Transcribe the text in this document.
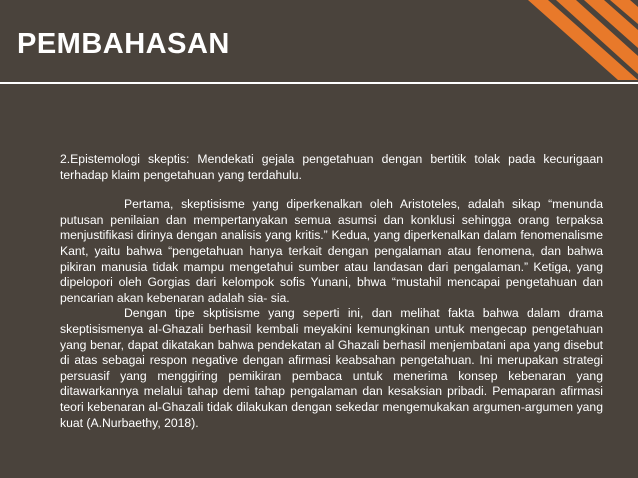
PEMBAHASAN

2.Epistemologi skeptis: Mendekati gejala pengetahuan dengan bertitik tolak pada kecurigaan terhadap klaim pengetahuan yang terdahulu.

Pertama, skeptisisme yang diperkenalkan oleh Aristoteles, adalah sikap “menunda putusan penilaian dan mempertanyakan semua asumsi dan konklusi sehingga orang terpaksa menjustifikasi dirinya dengan analisis yang kritis.” Kedua, yang diperkenalkan dalam fenomenalisme Kant, yaitu bahwa “pengetahuan hanya terkait dengan pengalaman atau fenomena, dan bahwa pikiran manusia tidak mampu mengetahui sumber atau landasan dari pengalaman.” Ketiga, yang dipelopori oleh Gorgias dari kelompok sofis Yunani, bhwa “mustahil mencapai pengetahuan dan pencarian akan kebenaran adalah sia- sia.

Dengan tipe skptisisme yang seperti ini, dan melihat fakta bahwa dalam drama skeptisismenya al-Ghazali berhasil kembali meyakini kemungkinan untuk mengecap pengetahuan yang benar, dapat dikatakan bahwa pendekatan al Ghazali berhasil menjembatani apa yang disebut di atas sebagai respon negative dengan afirmasi keabsahan pengetahuan. Ini merupakan strategi persuasif yang menggiring pemikiran pembaca untuk menerima konsep kebenaran yang ditawarkannya melalui tahap demi tahap pengalaman dan kesaksian pribadi. Pemaparan afirmasi teori kebenaran al-Ghazali tidak dilakukan dengan sekedar mengemukakan argumen-argumen yang kuat (A.Nurbaethy, 2018).
